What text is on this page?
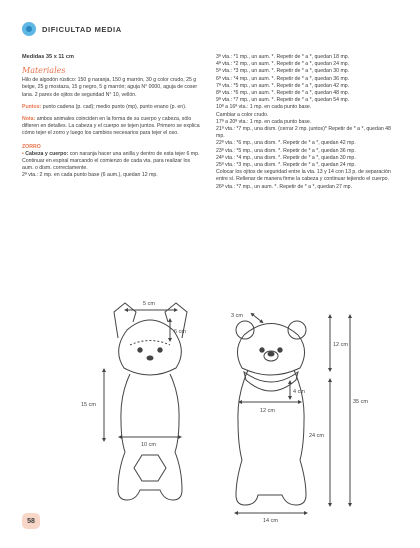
DIFICULTAD MEDIA
Medidas 35 x 11 cm
Materiales

Hilo de algodón rústico: 150 g naranja, 150 g marrón, 30 g color crudo, 25 g beige, 25 g mostaza, 15 g negro, 5 g marrón; aguja N° 0000, aguja de coser lana. 2 pares de ojitos de seguridad N° 10, vellón.

Puntos: punto cadena (p. cad); medio punto (mp), punto enano (p. en).

Nota: ambos animales coinciden en la forma de su cuerpo y cabeza, sólo difieren en detalles. La cabeza y el cuerpo se tejen juntos. Primero se explica cómo tejer el zorro y luego los cambios necesarios para tejer el oso.

ZORRO

• Cabeza y cuerpo: con naranja hacer una anilla y dentro de esta tejer 6 mp. Continuar en espiral marcando el comienzo de cada vta. para realizar los aum. o dism. correctamente.

2ª vta.: 2 mp. en cada punto base (6 aum.), quedan 12 mp.

3ª vta.: *1 mp., un aum. *. Repetir de * a *, quedan 18 mp.

4ª vta.: *2 mp., un aum. *. Repetir de * a *, quedan 24 mp.

5ª vta.: *3 mp., un aum. *. Repetir de * a *, quedan 30 mp.

6ª vta.: *4 mp., un aum. *. Repetir de * a *, quedan 36 mp.

7ª vta.: *5 mp., un aum. *. Repetir de * a *, quedan 42 mp.

8ª vta.: *6 mp., un aum. *. Repetir de * a *, quedan 48 mp.

9ª vta.: *7 mp., un aum. *. Repetir de * a *, quedan 54 mp.

10ª a 16ª vta.: 1 mp. en cada punto base.

Cambiar a color crudo.

17ª a 20ª vta.: 1 mp. en cada punto base.

21ª vta.: *7 mp., una dism. (cerrar 2 mp. juntos)* Repetir de * a *, quedan 48 mp.

22ª vta.: *6 mp., una dism. *. Repetir de * a *, quedan 42 mp.

23ª vta.: *5 mp., una dism. *. Repetir de * a *, quedan 36 mp.

24ª vta.: *4 mp., una dism. *. Repetir de * a *, quedan 30 mp.

25ª vta.: *3 mp., una dism. *. Repetir de * a *, quedan 24 mp.

Colocar los ojitos de seguridad entre la vta. 13 y 14 con 13 p. de separación entre sí. Rellenar de manera firme la cabeza y continuar tejiendo el cuerpo.

26ª vta.: *7 mp., un aum. *. Repetir de * a *, quedan 27 mp.

5 cm
6 cm
15 cm
10 cm
3 cm
12 cm
4 cm
12 cm
35 cm
24 cm
14 cm
58
